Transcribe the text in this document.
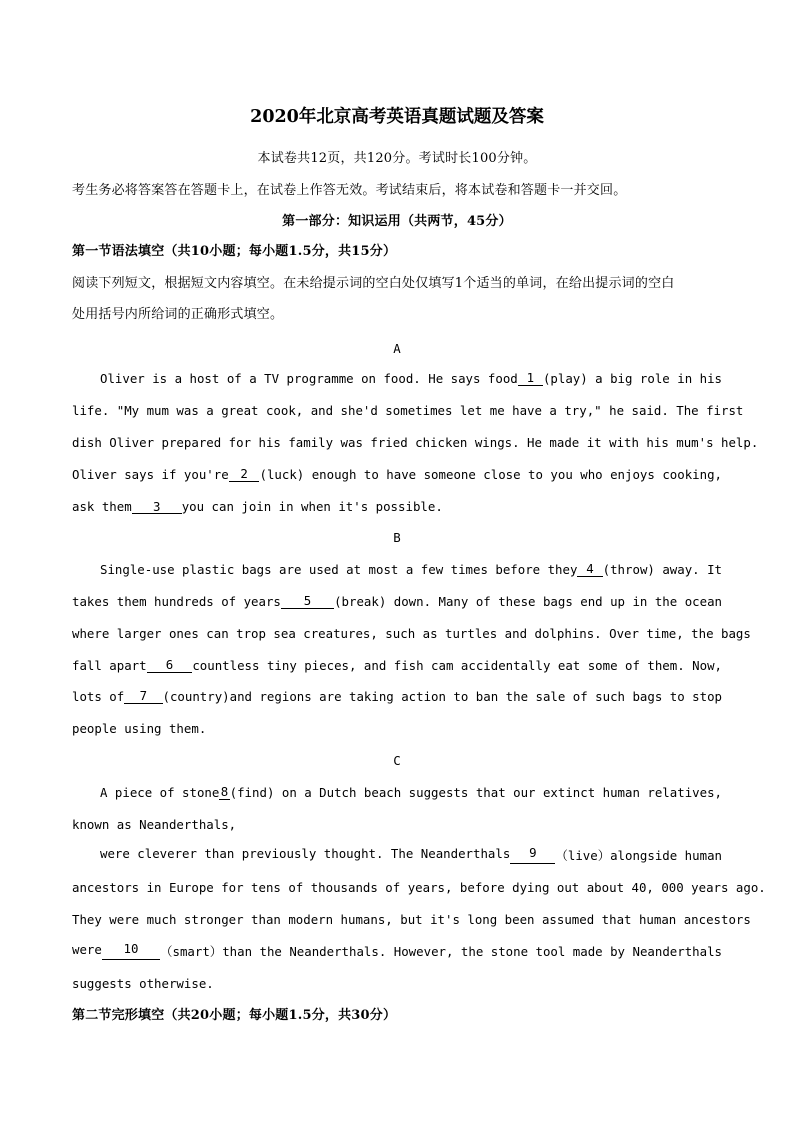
2020年北京高考英语真题试题及答案
本试卷共12页，共120分。考试时长100分钟。
考生务必将答案答在答题卡上，在试卷上作答无效。考试结束后，将本试卷和答题卡一并交回。
第一部分：知识运用（共两节，45分）
第一节语法填空（共10小题；每小题1.5分，共15分）
阅读下列短文，根据短文内容填空。在未给提示词的空白处仅填写1个适当的单词，在给出提示词的空白
处用括号内所给词的正确形式填空。
A
Oliver is a host of a TV programme on food. He says food 1 (play) a big role in his
life. "My mum was a great cook, and she'd sometimes let me have a try," he said. The first
dish Oliver prepared for his family was fried chicken wings. He made it with his mum's help.
Oliver says if you're 2 (luck) enough to have someone close to you who enjoys cooking,
ask them 3 you can join in when it's possible.
B
Single-use plastic bags are used at most a few times before they 4 (throw) away. It
takes them hundreds of years	5	(break) down. Many of these bags end up in the ocean
where larger ones can trop sea creatures, such as turtles and dolphins. Over time, the bags
fall apart	6	countless tiny pieces, and fish cam accidentally eat some of them. Now,
lots of	7	(country)and regions are taking action to ban the sale of such bags to stop
people using them.
C
A piece of stone 8 (find) on a Dutch beach suggests that our extinct human relatives,
known as Neanderthals,
were cleverer than previously thought. The Neanderthals	9	（live）alongside human
ancestors in Europe for tens of thousands of years, before dying out about 40, 000 years ago.
They were much stronger than modern humans, but it's long been assumed that human ancestors
were	10	（smart）than the Neanderthals. However, the stone tool made by Neanderthals
suggests otherwise.
第二节完形填空（共20小题；每小题1.5分，共30分）
